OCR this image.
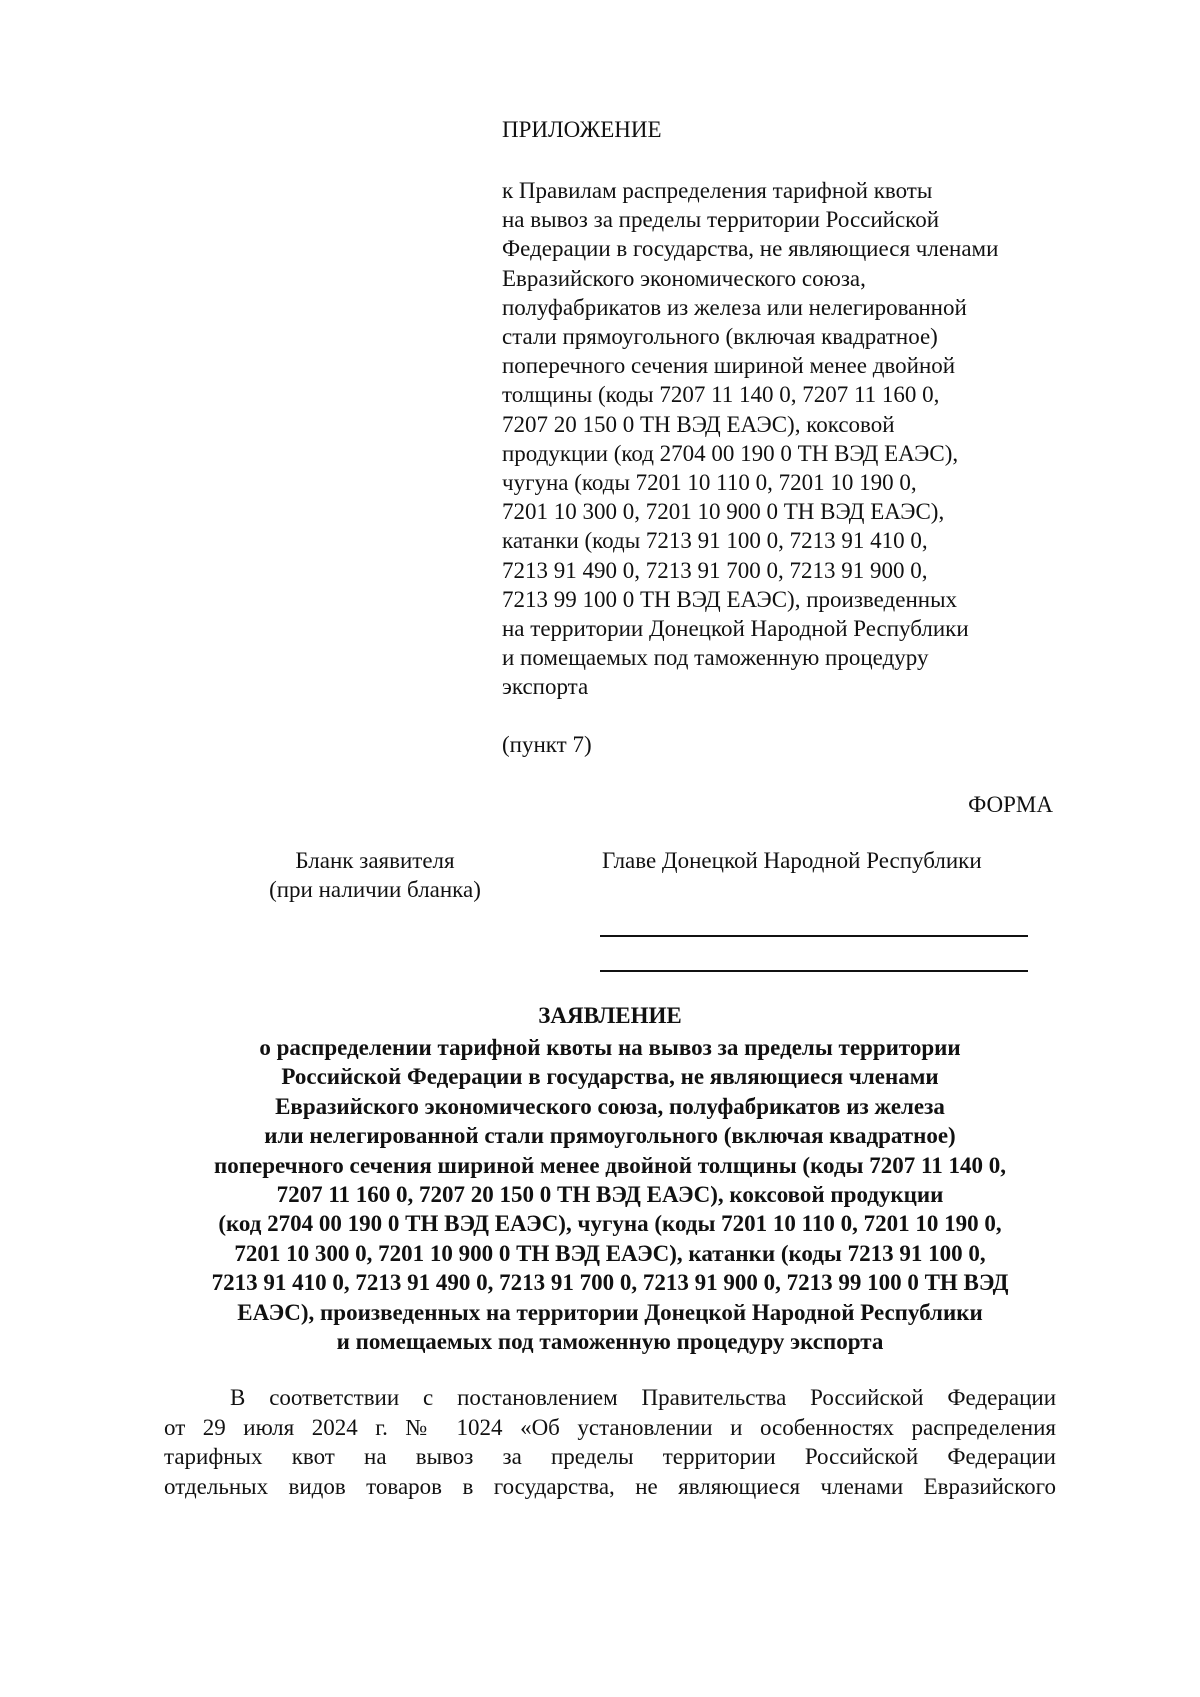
ПРИЛОЖЕНИЕ

к Правилам распределения тарифной квоты
на вывоз за пределы территории Российской
Федерации в государства, не являющиеся членами
Евразийского экономического союза,
полуфабрикатов из железа или нелегированной
стали прямоугольного (включая квадратное)
поперечного сечения шириной менее двойной
толщины (коды 7207 11 140 0, 7207 11 160 0,
7207 20 150 0 ТН ВЭД ЕАЭС), коксовой
продукции (код 2704 00 190 0 ТН ВЭД ЕАЭС),
чугуна (коды 7201 10 110 0, 7201 10 190 0,
7201 10 300 0, 7201 10 900 0 ТН ВЭД ЕАЭС),
катанки (коды 7213 91 100 0, 7213 91 410 0,
7213 91 490 0, 7213 91 700 0, 7213 91 900 0,
7213 99 100 0 ТН ВЭД ЕАЭС), произведенных
на территории Донецкой Народной Республики
и помещаемых под таможенную процедуру
экспорта

(пункт 7)

ФОРМА

Бланк заявителя
(при наличии бланка)

Главе Донецкой Народной Республики

ЗАЯВЛЕНИЕ

о распределении тарифной квоты на вывоз за пределы территории
Российской Федерации в государства, не являющиеся членами
Евразийского экономического союза, полуфабрикатов из железа
или нелегированной стали прямоугольного (включая квадратное)
поперечного сечения шириной менее двойной толщины (коды 7207 11 140 0,
7207 11 160 0, 7207 20 150 0 ТН ВЭД ЕАЭС), коксовой продукции
(код 2704 00 190 0 ТН ВЭД ЕАЭС), чугуна (коды 7201 10 110 0, 7201 10 190 0,
7201 10 300 0, 7201 10 900 0 ТН ВЭД ЕАЭС), катанки (коды 7213 91 100 0,
7213 91 410 0, 7213 91 490 0, 7213 91 700 0, 7213 91 900 0, 7213 99 100 0 ТН ВЭД
ЕАЭС), произведенных на территории Донецкой Народной Республики
и помещаемых под таможенную процедуру экспорта

В соответствии с постановлением Правительства Российской Федерации
от 29 июля 2024 г. № 1024 «Об установлении и особенностях распределения
тарифных квот на вывоз за пределы территории Российской Федерации
отдельных видов товаров в государства, не являющиеся членами Евразийского
